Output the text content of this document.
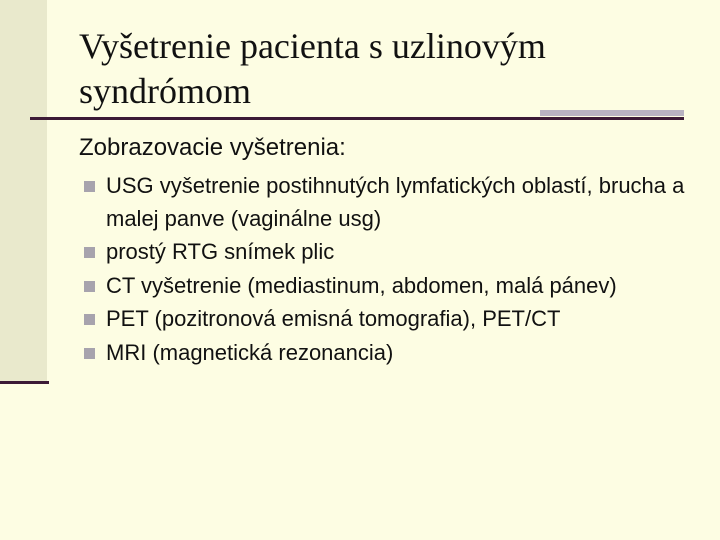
Vyšetrenie pacienta s uzlinovým syndrómom

Zobrazovacie vyšetrenia:

USG vyšetrenie postihnutých lymfatických oblastí, brucha a malej panve (vaginálne usg)
prostý RTG snímek plic
CT vyšetrenie (mediastinum, abdomen, malá pánev)
PET (pozitronová emisná tomografia), PET/CT
MRI (magnetická rezonancia)
